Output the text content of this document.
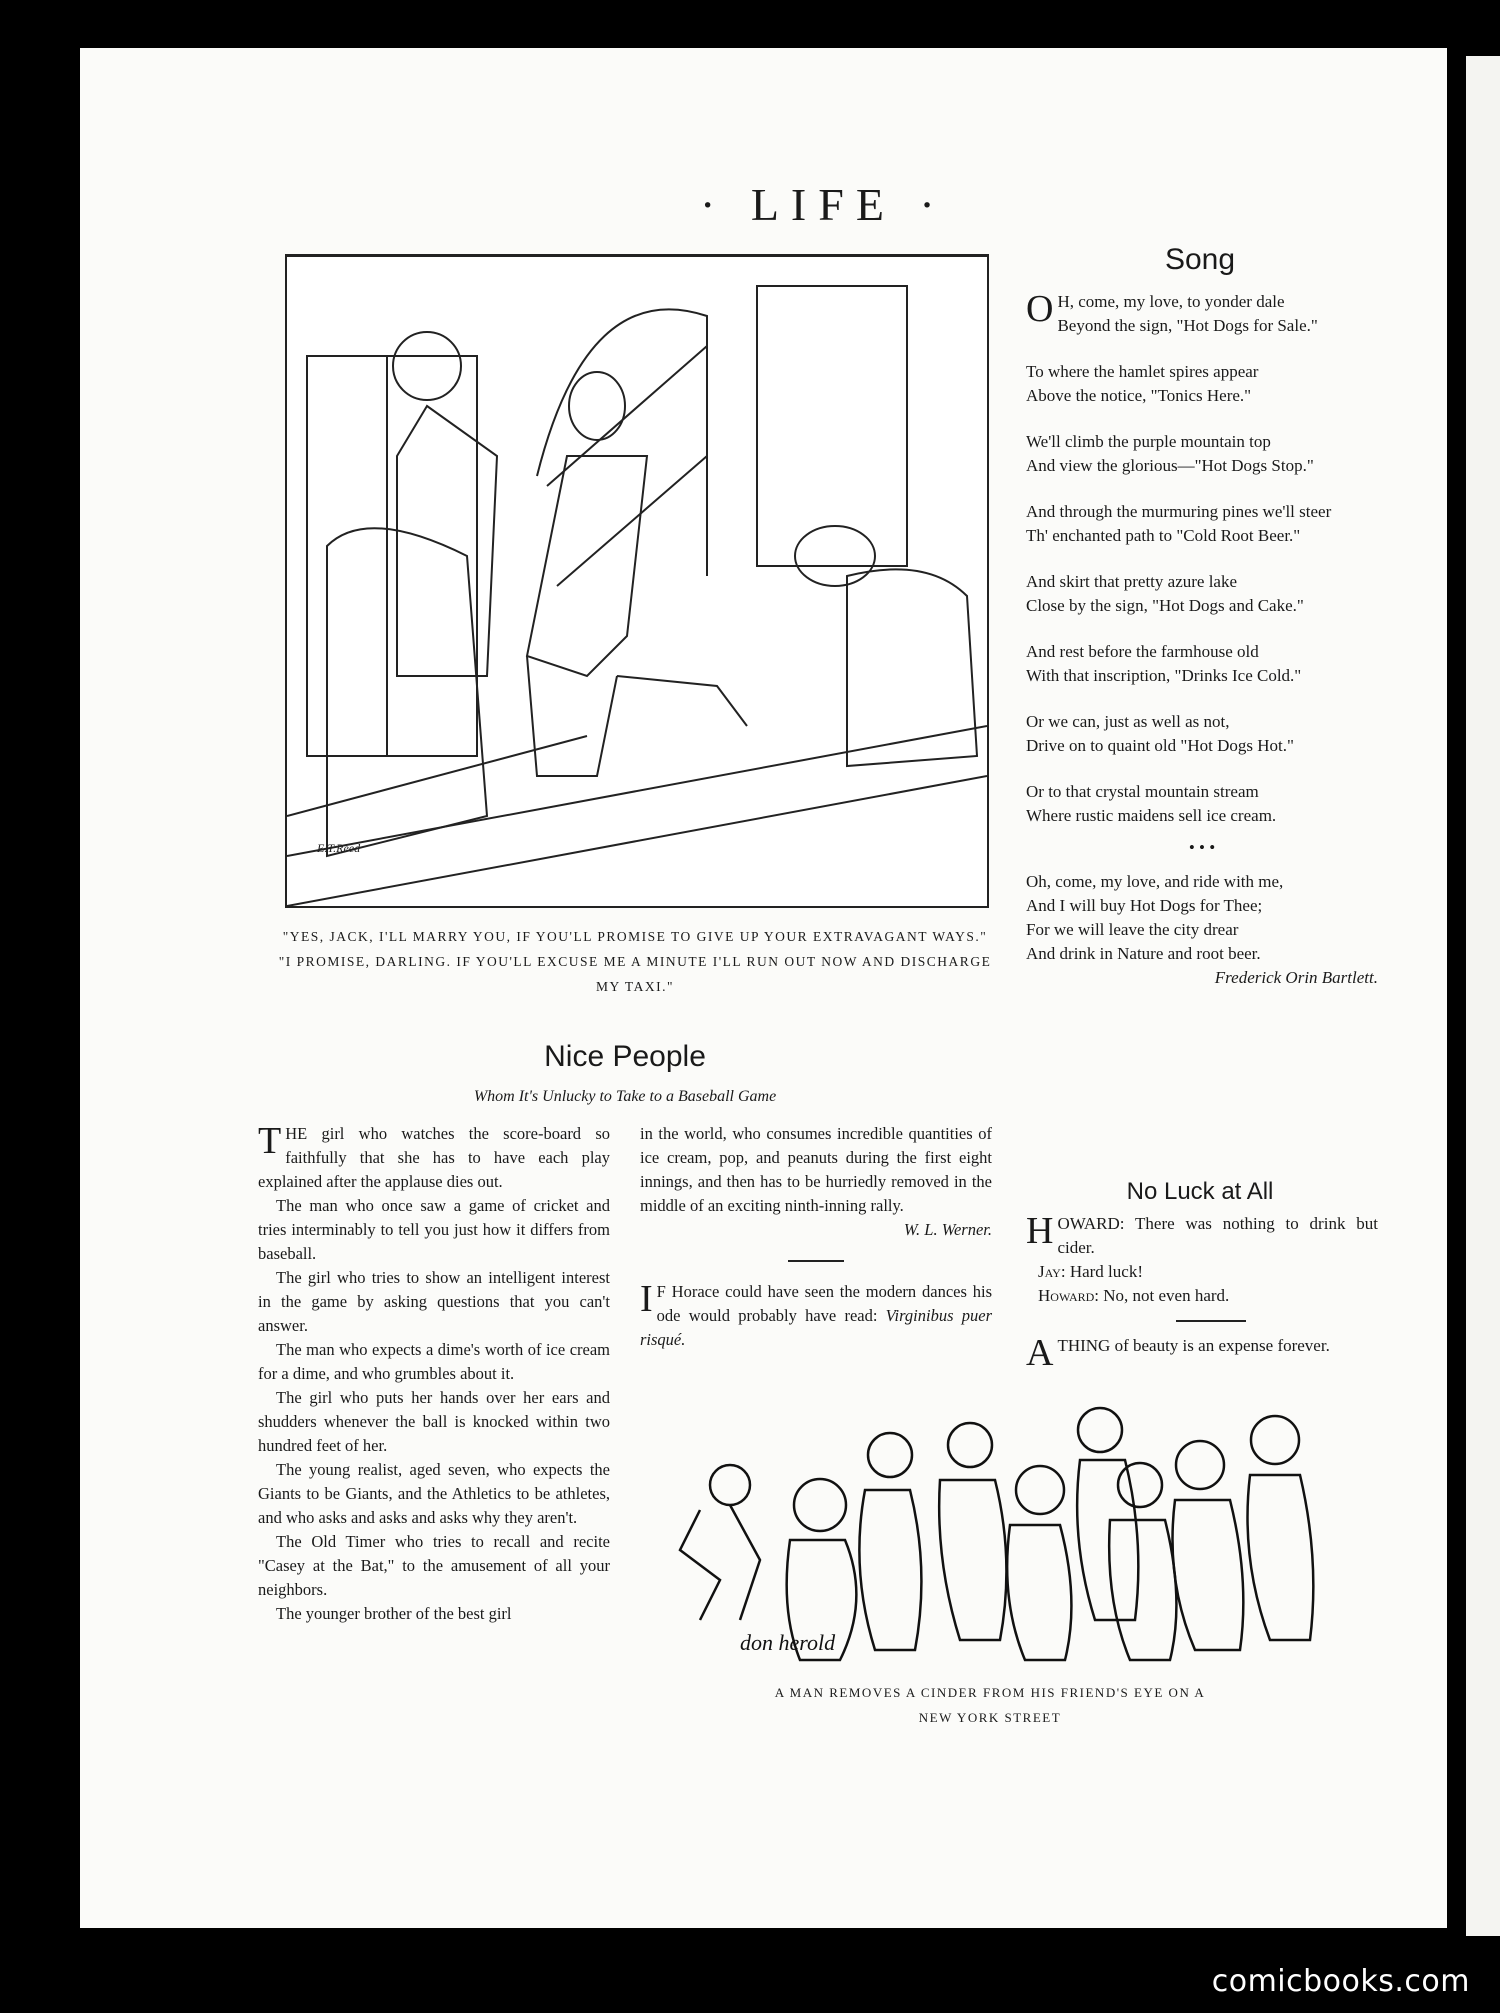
· LIFE ·
E.T.Reed
"YES, JACK, I'LL MARRY YOU, IF YOU'LL PROMISE TO GIVE UP YOUR EXTRAVAGANT WAYS."
"I PROMISE, DARLING. IF YOU'LL EXCUSE ME A MINUTE I'LL RUN OUT NOW AND DISCHARGE MY TAXI."
Nice People
Whom It's Unlucky to Take to a Baseball Game

THE girl who watches the score-board so faithfully that she has to have each play explained after the applause dies out.

The man who once saw a game of cricket and tries interminably to tell you just how it differs from baseball.

The girl who tries to show an intelligent interest in the game by asking questions that you can't answer.

The man who expects a dime's worth of ice cream for a dime, and who grumbles about it.

The girl who puts her hands over her ears and shudders whenever the ball is knocked within two hundred feet of her.

The young realist, aged seven, who expects the Giants to be Giants, and the Athletics to be athletes, and who asks and asks and asks why they aren't.

The Old Timer who tries to recall and recite "Casey at the Bat," to the amusement of all your neighbors.

The younger brother of the best girl

in the world, who consumes incredible quantities of ice cream, pop, and peanuts during the first eight innings, and then has to be hurriedly removed in the middle of an exciting ninth-inning rally.

W. L. Werner.

I F Horace could have seen the modern dances his ode would probably have read: Virginibus puer risqué.

Song
O H, come, my love, to yonder dale
Beyond the sign, "Hot Dogs for Sale."
To where the hamlet spires appear
Above the notice, "Tonics Here."
We'll climb the purple mountain top
And view the glorious—"Hot Dogs Stop."
And through the murmuring pines we'll steer
Th' enchanted path to "Cold Root Beer."
And skirt that pretty azure lake
Close by the sign, "Hot Dogs and Cake."
And rest before the farmhouse old
With that inscription, "Drinks Ice Cold."
Or we can, just as well as not,
Drive on to quaint old "Hot Dogs Hot."
Or to that crystal mountain stream
Where rustic maidens sell ice cream.
• • •
Oh, come, my love, and ride with me,
And I will buy Hot Dogs for Thee;
For we will leave the city drear
And drink in Nature and root beer.
Frederick Orin Bartlett.
No Luck at All
HOWARD: There was nothing to drink but cider.
Jay: Hard luck!
Howard: No, not even hard.

ATHING of beauty is an expense forever.

don herold
A MAN REMOVES A CINDER FROM HIS FRIEND'S EYE ON A
NEW YORK STREET
comicbooks.com
